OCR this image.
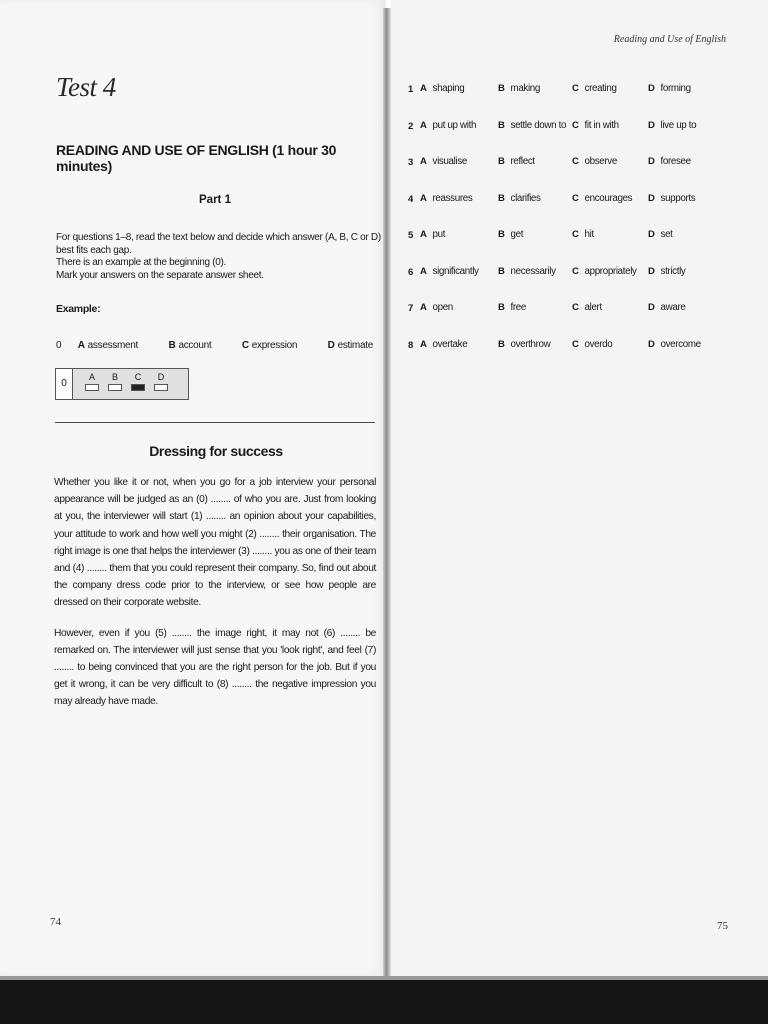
Test 4
READING AND USE OF ENGLISH (1 hour 30 minutes)
Part 1

For questions 1–8, read the text below and decide which answer (A, B, C or D) best fits each gap.

There is an example at the beginning (0).

Mark your answers on the separate answer sheet.

Example:
0 A assessment	B account	C expression	D estimate
0
A	B	C	D
Dressing for success

Whether you like it or not, when you go for a job interview your personal appearance will be judged as an (0) ........ of who you are. Just from looking at you, the interviewer will start (1) ........ an opinion about your capabilities, your attitude to work and how well you might (2) ........ their organisation. The right image is one that helps the interviewer (3) ........ you as one of their team and (4) ........ them that you could represent their company. So, find out about the company dress code prior to the interview, or see how people are dressed on their corporate website.

However, even if you (5) ........ the image right, it may not (6) ........ be remarked on. The interviewer will just sense that you 'look right', and feel (7) ........ to being convinced that you are the right person for the job. But if you get it wrong, it can be very difficult to (8) ........ the negative impression you may already have made.

74	75
Reading and Use of English
1 A shaping	B making	C creating	D forming
2 A put up with B settle down to C fit in with	D live up to
3 A visualise	B reflect	C observe	D foresee
4 A reassures	B clarifies	C encourages D supports
5 A put	B get	C hit	D set
6 A significantly B necessarily C appropriately D strictly
7 A open	B free	C alert	D aware
8 A overtake	B overthrow C overdo	D overcome
